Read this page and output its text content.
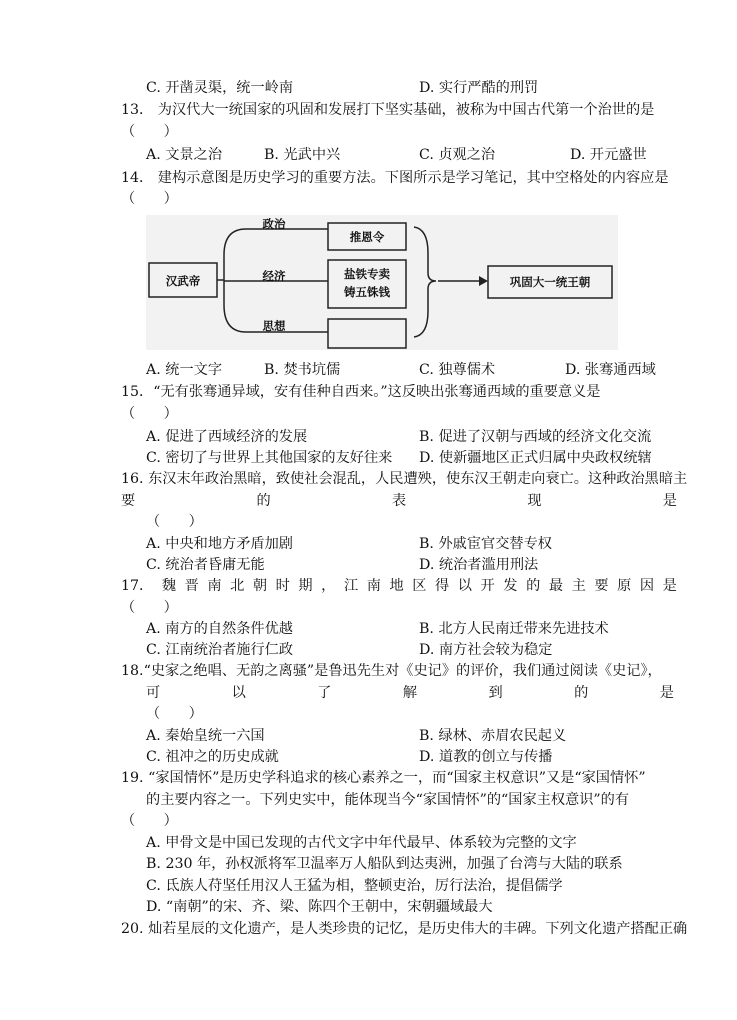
C. 开凿灵渠，统一岭南	D. 实行严酷的刑罚
13． 为汉代大一统国家的巩固和发展打下坚实基础，被称为中国古代第一个治世的是
（　　）
A. 文景之治	B. 光武中兴	C. 贞观之治	D. 开元盛世
14． 建构示意图是历史学习的重要方法。下图所示是学习笔记，其中空格处的内容应是
（　　）
汉武帝
政治
经济
思想
推恩令
盐铁专卖
铸五铢钱
巩固大一统王朝
A. 统一文字	B. 焚书坑儒	C. 独尊儒术	D. 张骞通西域
15．“无有张骞通异域，安有佳种自西来。”这反映出张骞通西域的重要意义是
（　　）
A. 促进了西域经济的发展	B. 促进了汉朝与西域的经济文化交流
C. 密切了与世界上其他国家的友好往来 D. 使新疆地区正式归属中央政权统辖
16. 东汉末年政治黑暗，致使社会混乱，人民遭殃，使东汉王朝走向衰亡。这种政治黑暗主
要	的	表	现	是
（　　）
A. 中央和地方矛盾加剧	B. 外戚宦官交替专权
C. 统治者昏庸无能	D. 统治者滥用刑法
17． 魏 晋 南 北 朝 时 期 ， 江 南 地 区 得 以 开 发 的 最 主 要 原 因 是
（　　）
A. 南方的自然条件优越	B. 北方人民南迁带来先进技术
C. 江南统治者施行仁政	D. 南方社会较为稳定
18.“史家之绝唱、无韵之离骚”是鲁迅先生对《史记》的评价，我们通过阅读《史记》，
可	以	了	解	到	的	是
（　　）
A. 秦始皇统一六国	B. 绿林、赤眉农民起义
C. 祖冲之的历史成就	D. 道教的创立与传播
19. “家国情怀”是历史学科追求的核心素养之一，而“国家主权意识”又是“家国情怀”
的主要内容之一。下列史实中，能体现当今“家国情怀”的“国家主权意识”的有
（　　）
A. 甲骨文是中国已发现的古代文字中年代最早、体系较为完整的文字
B. 230 年，孙权派将军卫温率万人船队到达夷洲，加强了台湾与大陆的联系
C. 氐族人苻坚任用汉人王猛为相，整顿吏治，厉行法治，提倡儒学
D. “南朝”的宋、齐、梁、陈四个王朝中，宋朝疆域最大
20. 灿若星辰的文化遗产，是人类珍贵的记忆，是历史伟大的丰碑。下列文化遗产搭配正确
